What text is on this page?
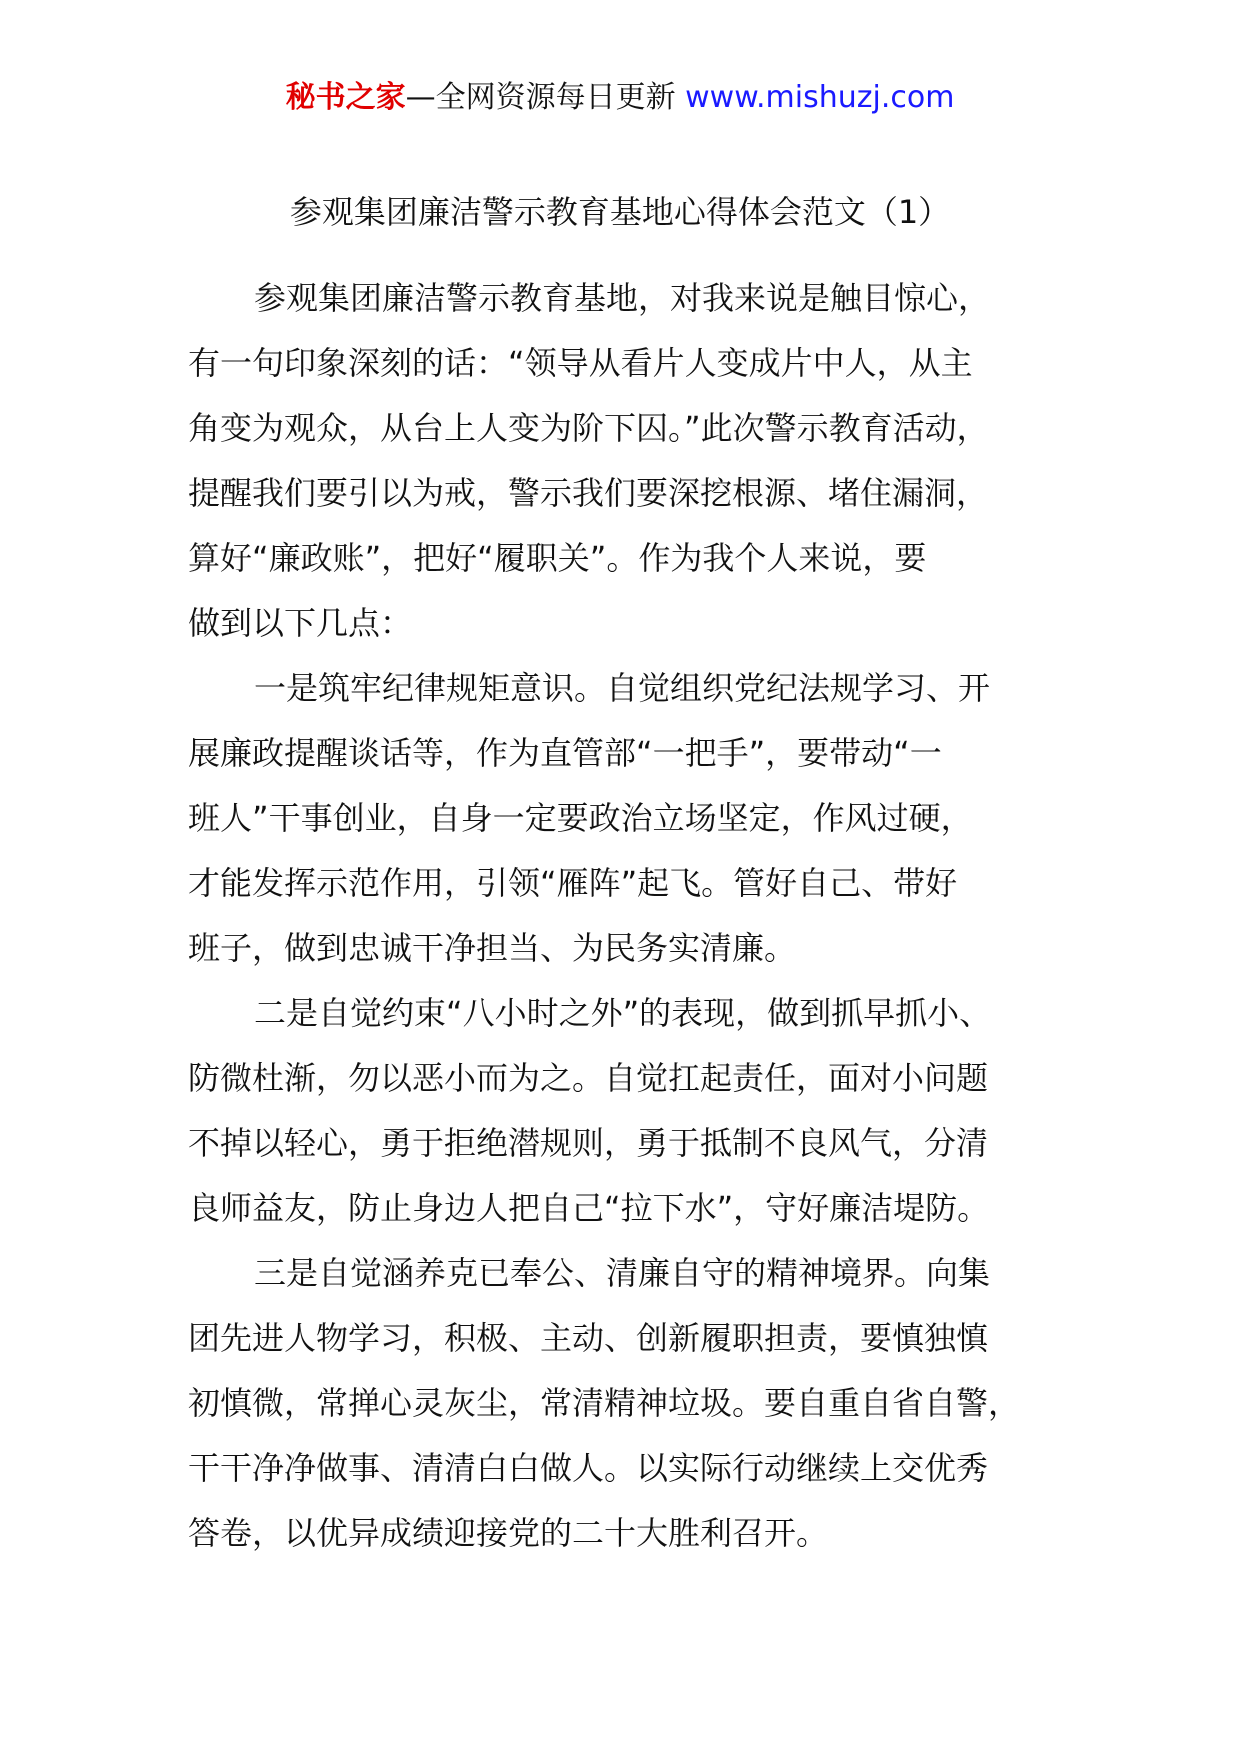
秘书之家—全网资源每日更新 www.mishuzj.com
参观集团廉洁警示教育基地心得体会范文（1）

参观集团廉洁警示教育基地，对我来说是触目惊心，
有一句印象深刻的话：“领导从看片人变成片中人，从主
角变为观众，从台上人变为阶下囚。”此次警示教育活动，
提醒我们要引以为戒，警示我们要深挖根源、堵住漏洞，
算好“廉政账”，把好“履职关”。作为我个人来说，要
做到以下几点：

一是筑牢纪律规矩意识。自觉组织党纪法规学习、开
展廉政提醒谈话等，作为直管部“一把手”，要带动“一
班人”干事创业，自身一定要政治立场坚定，作风过硬，
才能发挥示范作用，引领“雁阵”起飞。管好自己、带好
班子，做到忠诚干净担当、为民务实清廉。

二是自觉约束“八小时之外”的表现，做到抓早抓小、
防微杜渐，勿以恶小而为之。自觉扛起责任，面对小问题
不掉以轻心，勇于拒绝潜规则，勇于抵制不良风气，分清
良师益友，防止身边人把自己“拉下水”，守好廉洁堤防。

三是自觉涵养克已奉公、清廉自守的精神境界。向集
团先进人物学习，积极、主动、创新履职担责，要慎独慎
初慎微，常掸心灵灰尘，常清精神垃圾。要自重自省自警，
干干净净做事、清清白白做人。以实际行动继续上交优秀
答卷，以优异成绩迎接党的二十大胜利召开。
